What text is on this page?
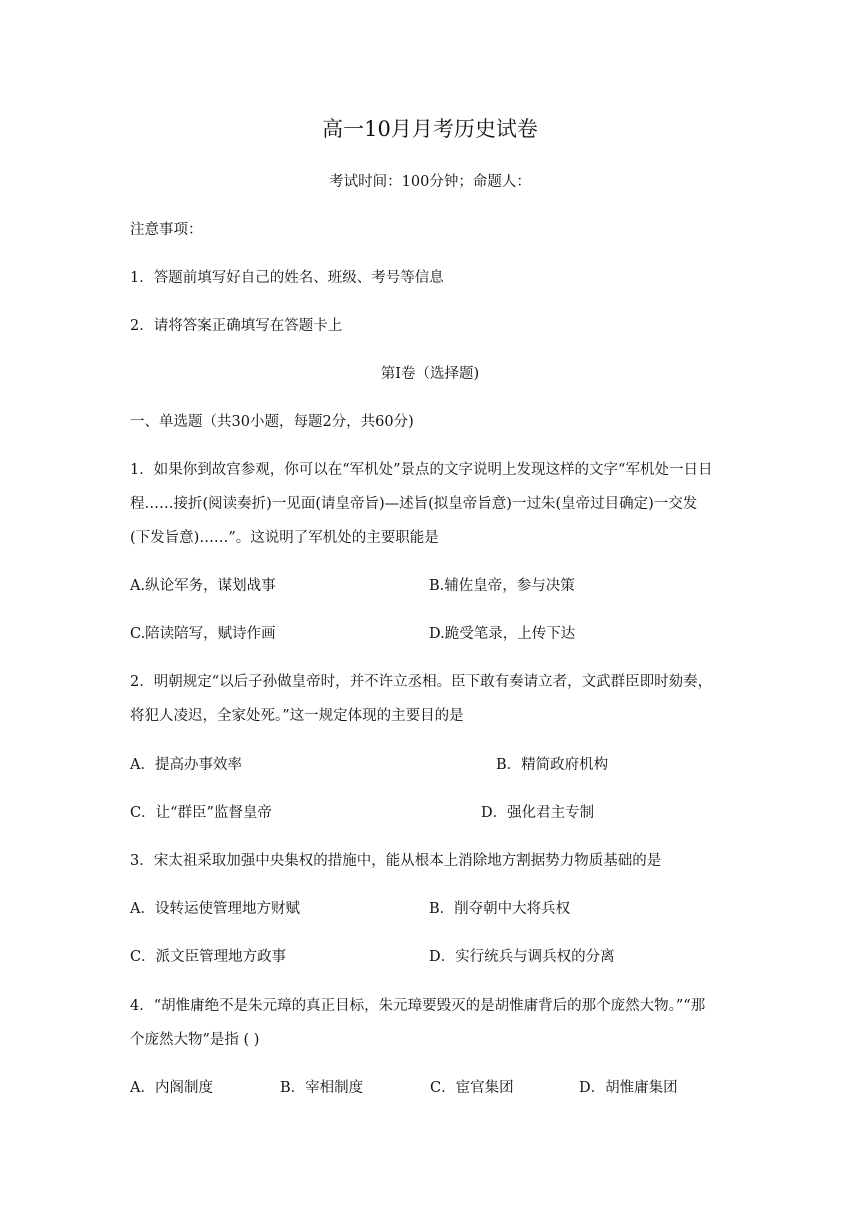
高一10月月考历史试卷
考试时间：100分钟；命题人：
注意事项：
1．答题前填写好自己的姓名、班级、考号等信息
2．请将答案正确填写在答题卡上
第I卷（选择题)
一、单选题（共30小题，每题2分，共60分)
1．如果你到故宫参观，你可以在“军机处”景点的文字说明上发现这样的文字“军机处一日日
程……接折(阅读奏折)一见面(请皇帝旨)—述旨(拟皇帝旨意)一过朱(皇帝过目确定)一交发
(下发旨意)……”。这说明了军机处的主要职能是
A.纵论军务，谋划战事	B.辅佐皇帝，参与决策
C.陪读陪写，赋诗作画	D.跪受笔录，上传下达
2．明朝规定“以后子孙做皇帝时，并不许立丞相。臣下敢有奏请立者，文武群臣即时劾奏，
将犯人凌迟，全家处死。”这一规定体现的主要目的是
A．提高办事效率	B．精简政府机构
C．让“群臣”监督皇帝	D．强化君主专制
3．宋太祖采取加强中央集权的措施中，能从根本上消除地方割据势力物质基础的是
A．设转运使管理地方财赋	B．削夺朝中大将兵权
C．派文臣管理地方政事	D．实行统兵与调兵权的分离
4．“胡惟庸绝不是朱元璋的真正目标，朱元璋要毁灭的是胡惟庸背后的那个庞然大物。”“那
个庞然大物”是指 ( )
A．内阁制度	B．宰相制度	C．宦官集团	D．胡惟庸集团
